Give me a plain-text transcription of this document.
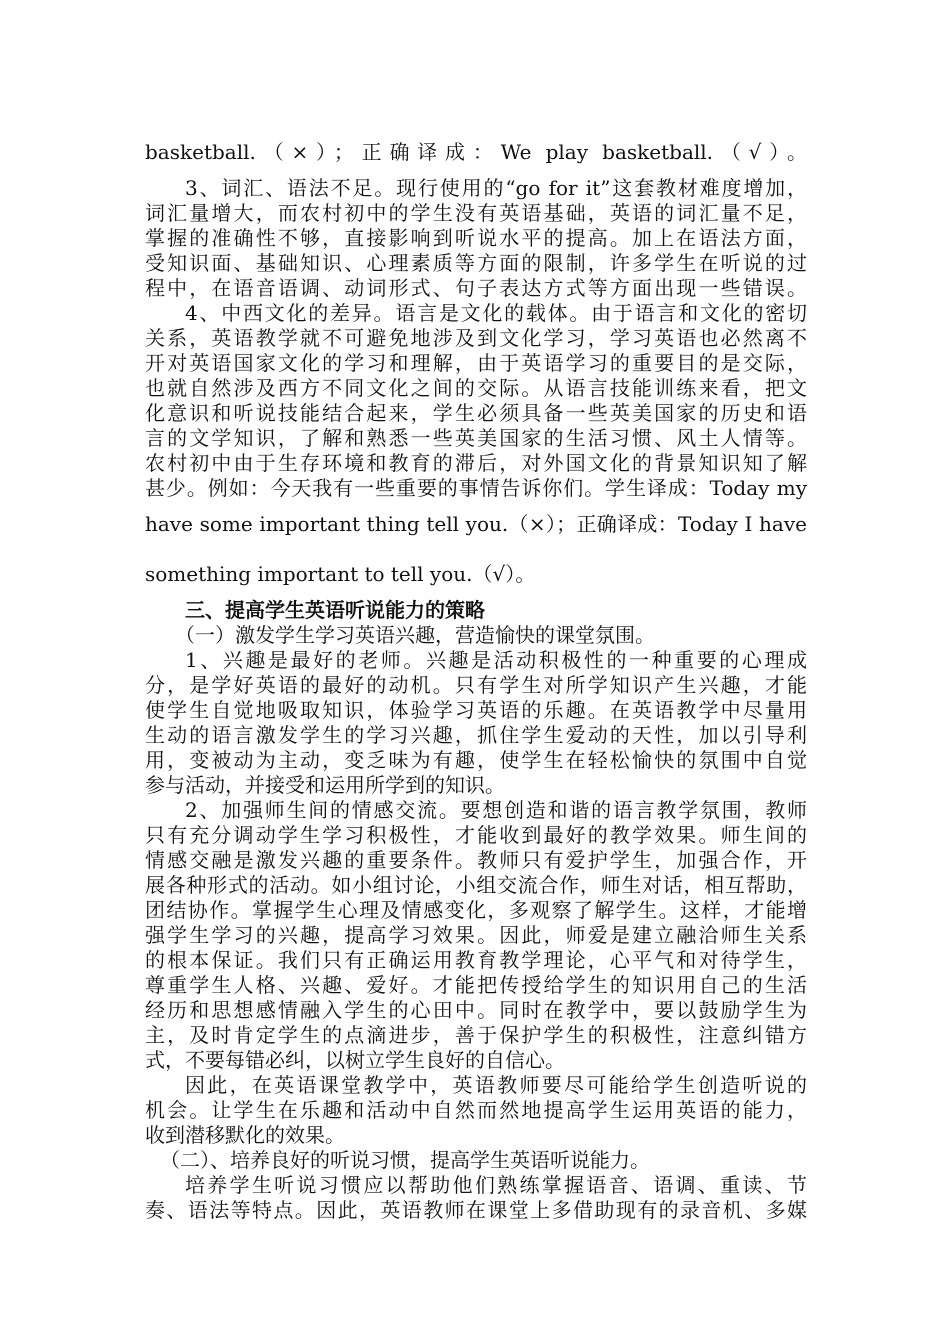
basketball.（×）；正确译成：We play basketball.（√）。
3、词汇、语法不足。现行使用的“go for it”这套教材难度增加，
词汇量增大，而农村初中的学生没有英语基础，英语的词汇量不足，
掌握的准确性不够，直接影响到听说水平的提高。加上在语法方面，
受知识面、基础知识、心理素质等方面的限制，许多学生在听说的过
程中，在语音语调、动词形式、句子表达方式等方面出现一些错误。
4、中西文化的差异。语言是文化的载体。由于语言和文化的密切
关系，英语教学就不可避免地涉及到文化学习，学习英语也必然离不
开对英语国家文化的学习和理解，由于英语学习的重要目的是交际，
也就自然涉及西方不同文化之间的交际。从语言技能训练来看，把文
化意识和听说技能结合起来，学生必须具备一些英美国家的历史和语
言的文学知识，了解和熟悉一些英美国家的生活习惯、风土人情等。
农村初中由于生存环境和教育的滞后，对外国文化的背景知识知了解
甚少。例如：今天我有一些重要的事情告诉你们。学生译成：Today my
have some important thing tell you.（×）；正确译成：Today I have
something important to tell you.（√）。
三、提高学生英语听说能力的策略
（一）激发学生学习英语兴趣，营造愉快的课堂氛围。
1、兴趣是最好的老师。兴趣是活动积极性的一种重要的心理成
分，是学好英语的最好的动机。只有学生对所学知识产生兴趣，才能
使学生自觉地吸取知识，体验学习英语的乐趣。在英语教学中尽量用
生动的语言激发学生的学习兴趣，抓住学生爱动的天性，加以引导利
用，变被动为主动，变乏味为有趣，使学生在轻松愉快的氛围中自觉
参与活动，并接受和运用所学到的知识。
2、加强师生间的情感交流。要想创造和谐的语言教学氛围，教师
只有充分调动学生学习积极性，才能收到最好的教学效果。师生间的
情感交融是激发兴趣的重要条件。教师只有爱护学生，加强合作，开
展各种形式的活动。如小组讨论，小组交流合作，师生对话，相互帮助，
团结协作。掌握学生心理及情感变化，多观察了解学生。这样，才能增
强学生学习的兴趣，提高学习效果。因此，师爱是建立融洽师生关系
的根本保证。我们只有正确运用教育教学理论，心平气和对待学生，
尊重学生人格、兴趣、爱好。才能把传授给学生的知识用自己的生活
经历和思想感情融入学生的心田中。同时在教学中，要以鼓励学生为
主，及时肯定学生的点滴进步，善于保护学生的积极性，注意纠错方
式，不要每错必纠，以树立学生良好的自信心。
因此，在英语课堂教学中，英语教师要尽可能给学生创造听说的
机会。让学生在乐趣和活动中自然而然地提高学生运用英语的能力，
收到潜移默化的效果。
（二）、培养良好的听说习惯，提高学生英语听说能力。
培养学生听说习惯应以帮助他们熟练掌握语音、语调、重读、节
奏、语法等特点。因此，英语教师在课堂上多借助现有的录音机、多媒
